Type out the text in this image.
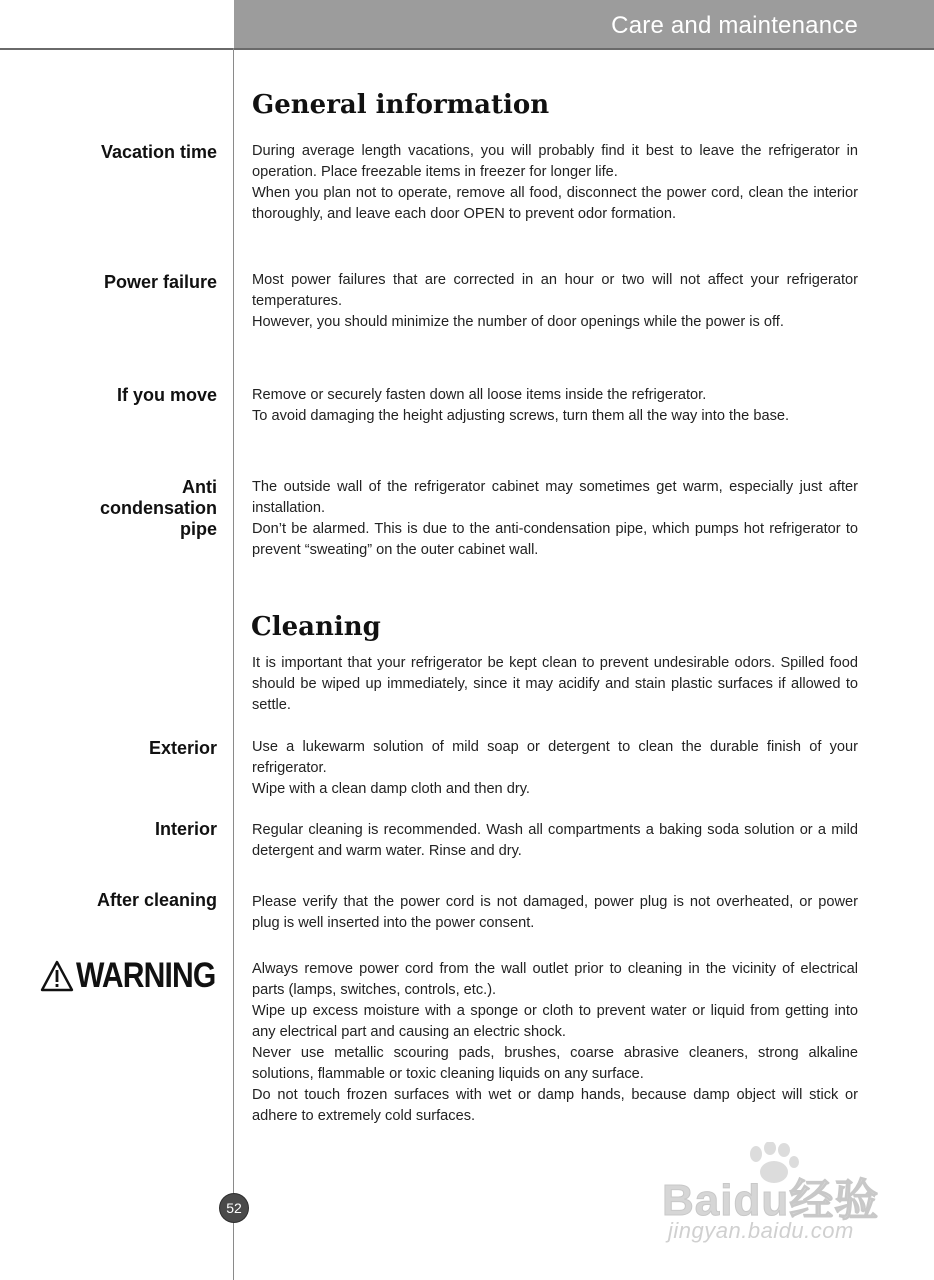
Care and maintenance
General information
Vacation time During average length vacations, you will probably find it best to leave the refrigerator in operation. Place freezable items in freezer for longer life.

When you plan not to operate, remove all food, disconnect the power cord, clean the interior thoroughly, and leave each door OPEN to prevent odor formation.

Power failure Most power failures that are corrected in an hour or two will not affect your refrigerator temperatures.

However, you should minimize the number of door openings while the power is off.

If you move Remove or securely fasten down all loose items inside the refrigerator.

To avoid damaging the height adjusting screws, turn them all the way into the base.

Anti
condensation
pipe

The outside wall of the refrigerator cabinet may sometimes get warm, especially just after installation.

Don’t be alarmed. This is due to the anti-condensation pipe, which pumps hot refrigerator to prevent “sweating” on the outer cabinet wall.

Cleaning

It is important that your refrigerator be kept clean to prevent undesirable odors. Spilled food should be wiped up immediately, since it may acidify and stain plastic surfaces if allowed to settle.

Exterior Use a lukewarm solution of mild soap or detergent to clean the durable finish of your refrigerator.

Wipe with a clean damp cloth and then dry.

Interior Regular cleaning is recommended. Wash all compartments a baking soda solution or a mild detergent and warm water. Rinse and dry.

After cleaning Please verify that the power cord is not damaged, power plug is not overheated, or power plug is well inserted into the power consent.

WARNING	Always remove power cord from the wall outlet prior to cleaning in the vicinity of electrical parts (lamps, switches, controls, etc.).

Wipe up excess moisture with a sponge or cloth to prevent water or liquid from getting into any electrical part and causing an electric shock.

Never use metallic scouring pads, brushes, coarse abrasive cleaners, strong alkaline solutions, flammable or toxic cleaning liquids on any surface.

Do not touch frozen surfaces with wet or damp hands, because damp object will stick or adhere to extremely cold surfaces.

52	Baidu经验
jingyan.baidu.com
